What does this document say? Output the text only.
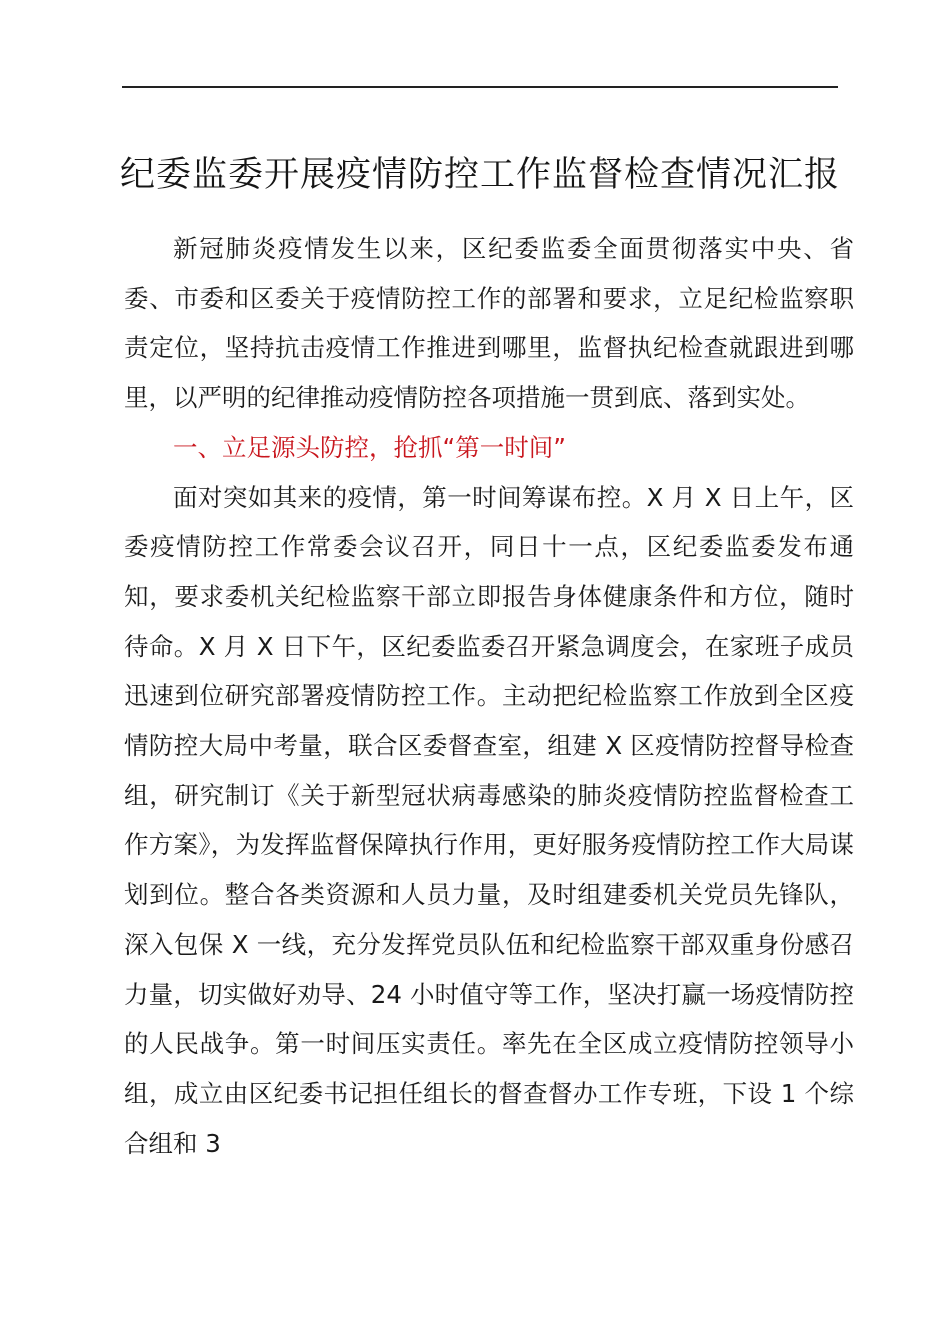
纪委监委开展疫情防控工作监督检查情况汇报

新冠肺炎疫情发生以来，区纪委监委全面贯彻落实中央、省委、市委和区委关于疫情防控工作的部署和要求，立足纪检监察职责定位，坚持抗击疫情工作推进到哪里，监督执纪检查就跟进到哪里，以严明的纪律推动疫情防控各项措施一贯到底、落到实处。

一、立足源头防控，抢抓“第一时间”

面对突如其来的疫情，第一时间筹谋布控。X 月 X 日上午，区委疫情防控工作常委会议召开，同日十一点，区纪委监委发布通知，要求委机关纪检监察干部立即报告身体健康条件和方位，随时待命。X 月 X 日下午，区纪委监委召开紧急调度会，在家班子成员迅速到位研究部署疫情防控工作。主动把纪检监察工作放到全区疫情防控大局中考量，联合区委督查室，组建 X 区疫情防控督导检查组，研究制订《关于新型冠状病毒感染的肺炎疫情防控监督检查工作方案》，为发挥监督保障执行作用，更好服务疫情防控工作大局谋划到位。整合各类资源和人员力量，及时组建委机关党员先锋队，深入包保 X 一线，充分发挥党员队伍和纪检监察干部双重身份感召力量，切实做好劝导、24 小时值守等工作，坚决打赢一场疫情防控的人民战争。第一时间压实责任。率先在全区成立疫情防控领导小组，成立由区纪委书记担任组长的督查督办工作专班，下设 1 个综合组和 3
